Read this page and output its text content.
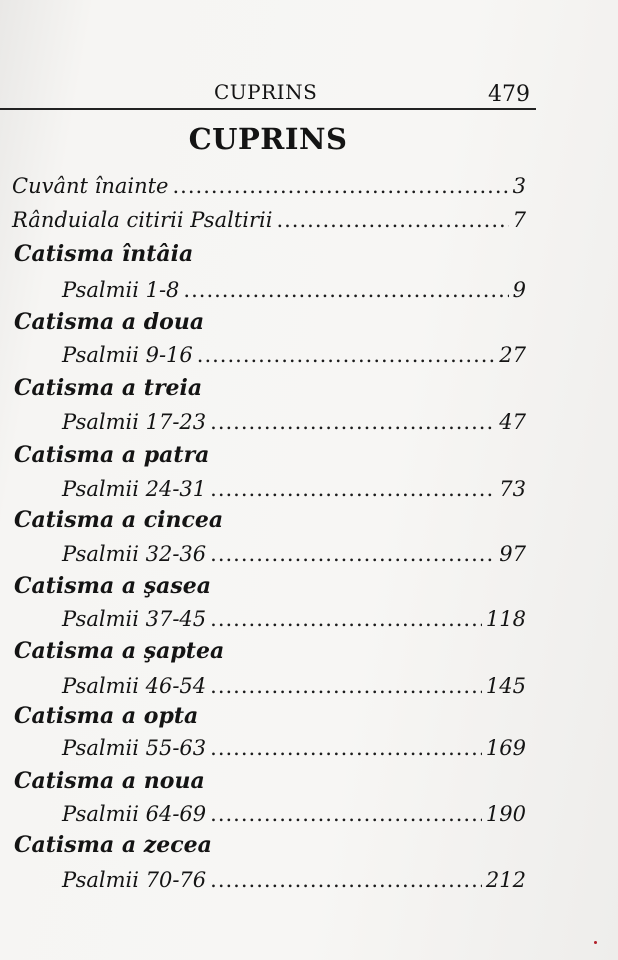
CUPRINS	479
CUPRINS
Cuvânt înainte .....	3
Rânduiala citirii Psaltirii .....	7
Catisma întâia
Psalmii 1-8 .....	9
Catisma a doua
Psalmii 9-16 .....	27
Catisma a treia
Psalmii 17-23 .....	47
Catisma a patra
Psalmii 24-31 .....	73
Catisma a cincea
Psalmii 32-36 .....	97
Catisma a şasea
Psalmii 37-45 .....	118
Catisma a şaptea
Psalmii 46-54 .....	145
Catisma a opta
Psalmii 55-63 .....	169
Catisma a noua
Psalmii 64-69 .....	190
Catisma a zecea
Psalmii 70-76 .....	212
